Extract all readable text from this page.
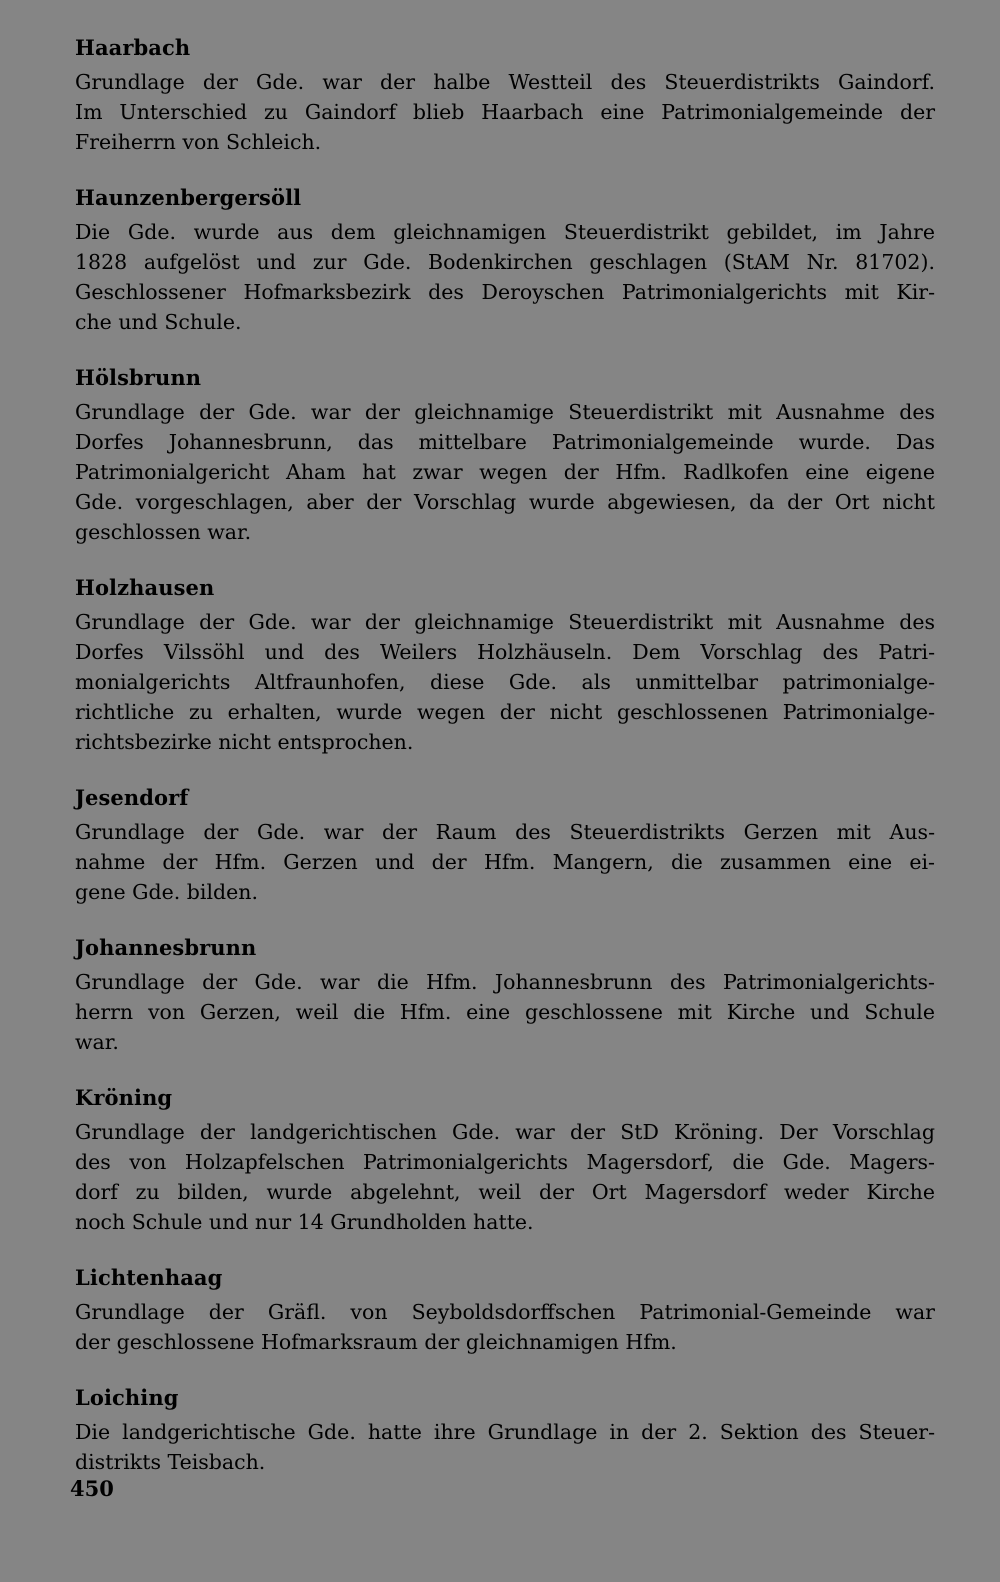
Haarbach
Grundlage der Gde. war der halbe Westteil des Steuerdistrikts Gaindorf.
Im Unterschied zu Gaindorf blieb Haarbach eine Patrimonialgemeinde der
Freiherrn von Schleich.
Haunzenbergersöll
Die Gde. wurde aus dem gleichnamigen Steuerdistrikt gebildet, im Jahre
1828 aufgelöst und zur Gde. Bodenkirchen geschlagen (StAM Nr. 81702).
Geschlossener Hofmarksbezirk des Deroyschen Patrimonialgerichts mit Kir-
che und Schule.
Hölsbrunn
Grundlage der Gde. war der gleichnamige Steuerdistrikt mit Ausnahme des
Dorfes Johannesbrunn, das mittelbare Patrimonialgemeinde wurde. Das
Patrimonialgericht Aham hat zwar wegen der Hfm. Radlkofen eine eigene
Gde. vorgeschlagen, aber der Vorschlag wurde abgewiesen, da der Ort nicht
geschlossen war.
Holzhausen
Grundlage der Gde. war der gleichnamige Steuerdistrikt mit Ausnahme des
Dorfes Vilssöhl und des Weilers Holzhäuseln. Dem Vorschlag des Patri-
monialgerichts Altfraunhofen, diese Gde. als unmittelbar patrimonialge-
richtliche zu erhalten, wurde wegen der nicht geschlossenen Patrimonialge-
richtsbezirke nicht entsprochen.
Jesendorf
Grundlage der Gde. war der Raum des Steuerdistrikts Gerzen mit Aus-
nahme der Hfm. Gerzen und der Hfm. Mangern, die zusammen eine ei-
gene Gde. bilden.
Johannesbrunn
Grundlage der Gde. war die Hfm. Johannesbrunn des Patrimonialgerichts-
herrn von Gerzen, weil die Hfm. eine geschlossene mit Kirche und Schule
war.
Kröning
Grundlage der landgerichtischen Gde. war der StD Kröning. Der Vorschlag
des von Holzapfelschen Patrimonialgerichts Magersdorf, die Gde. Magers-
dorf zu bilden, wurde abgelehnt, weil der Ort Magersdorf weder Kirche
noch Schule und nur 14 Grundholden hatte.
Lichtenhaag
Grundlage der Gräfl. von Seyboldsdorffschen Patrimonial-Gemeinde war
der geschlossene Hofmarksraum der gleichnamigen Hfm.
Loiching
Die landgerichtische Gde. hatte ihre Grundlage in der 2. Sektion des Steuer-
distrikts Teisbach.
450
